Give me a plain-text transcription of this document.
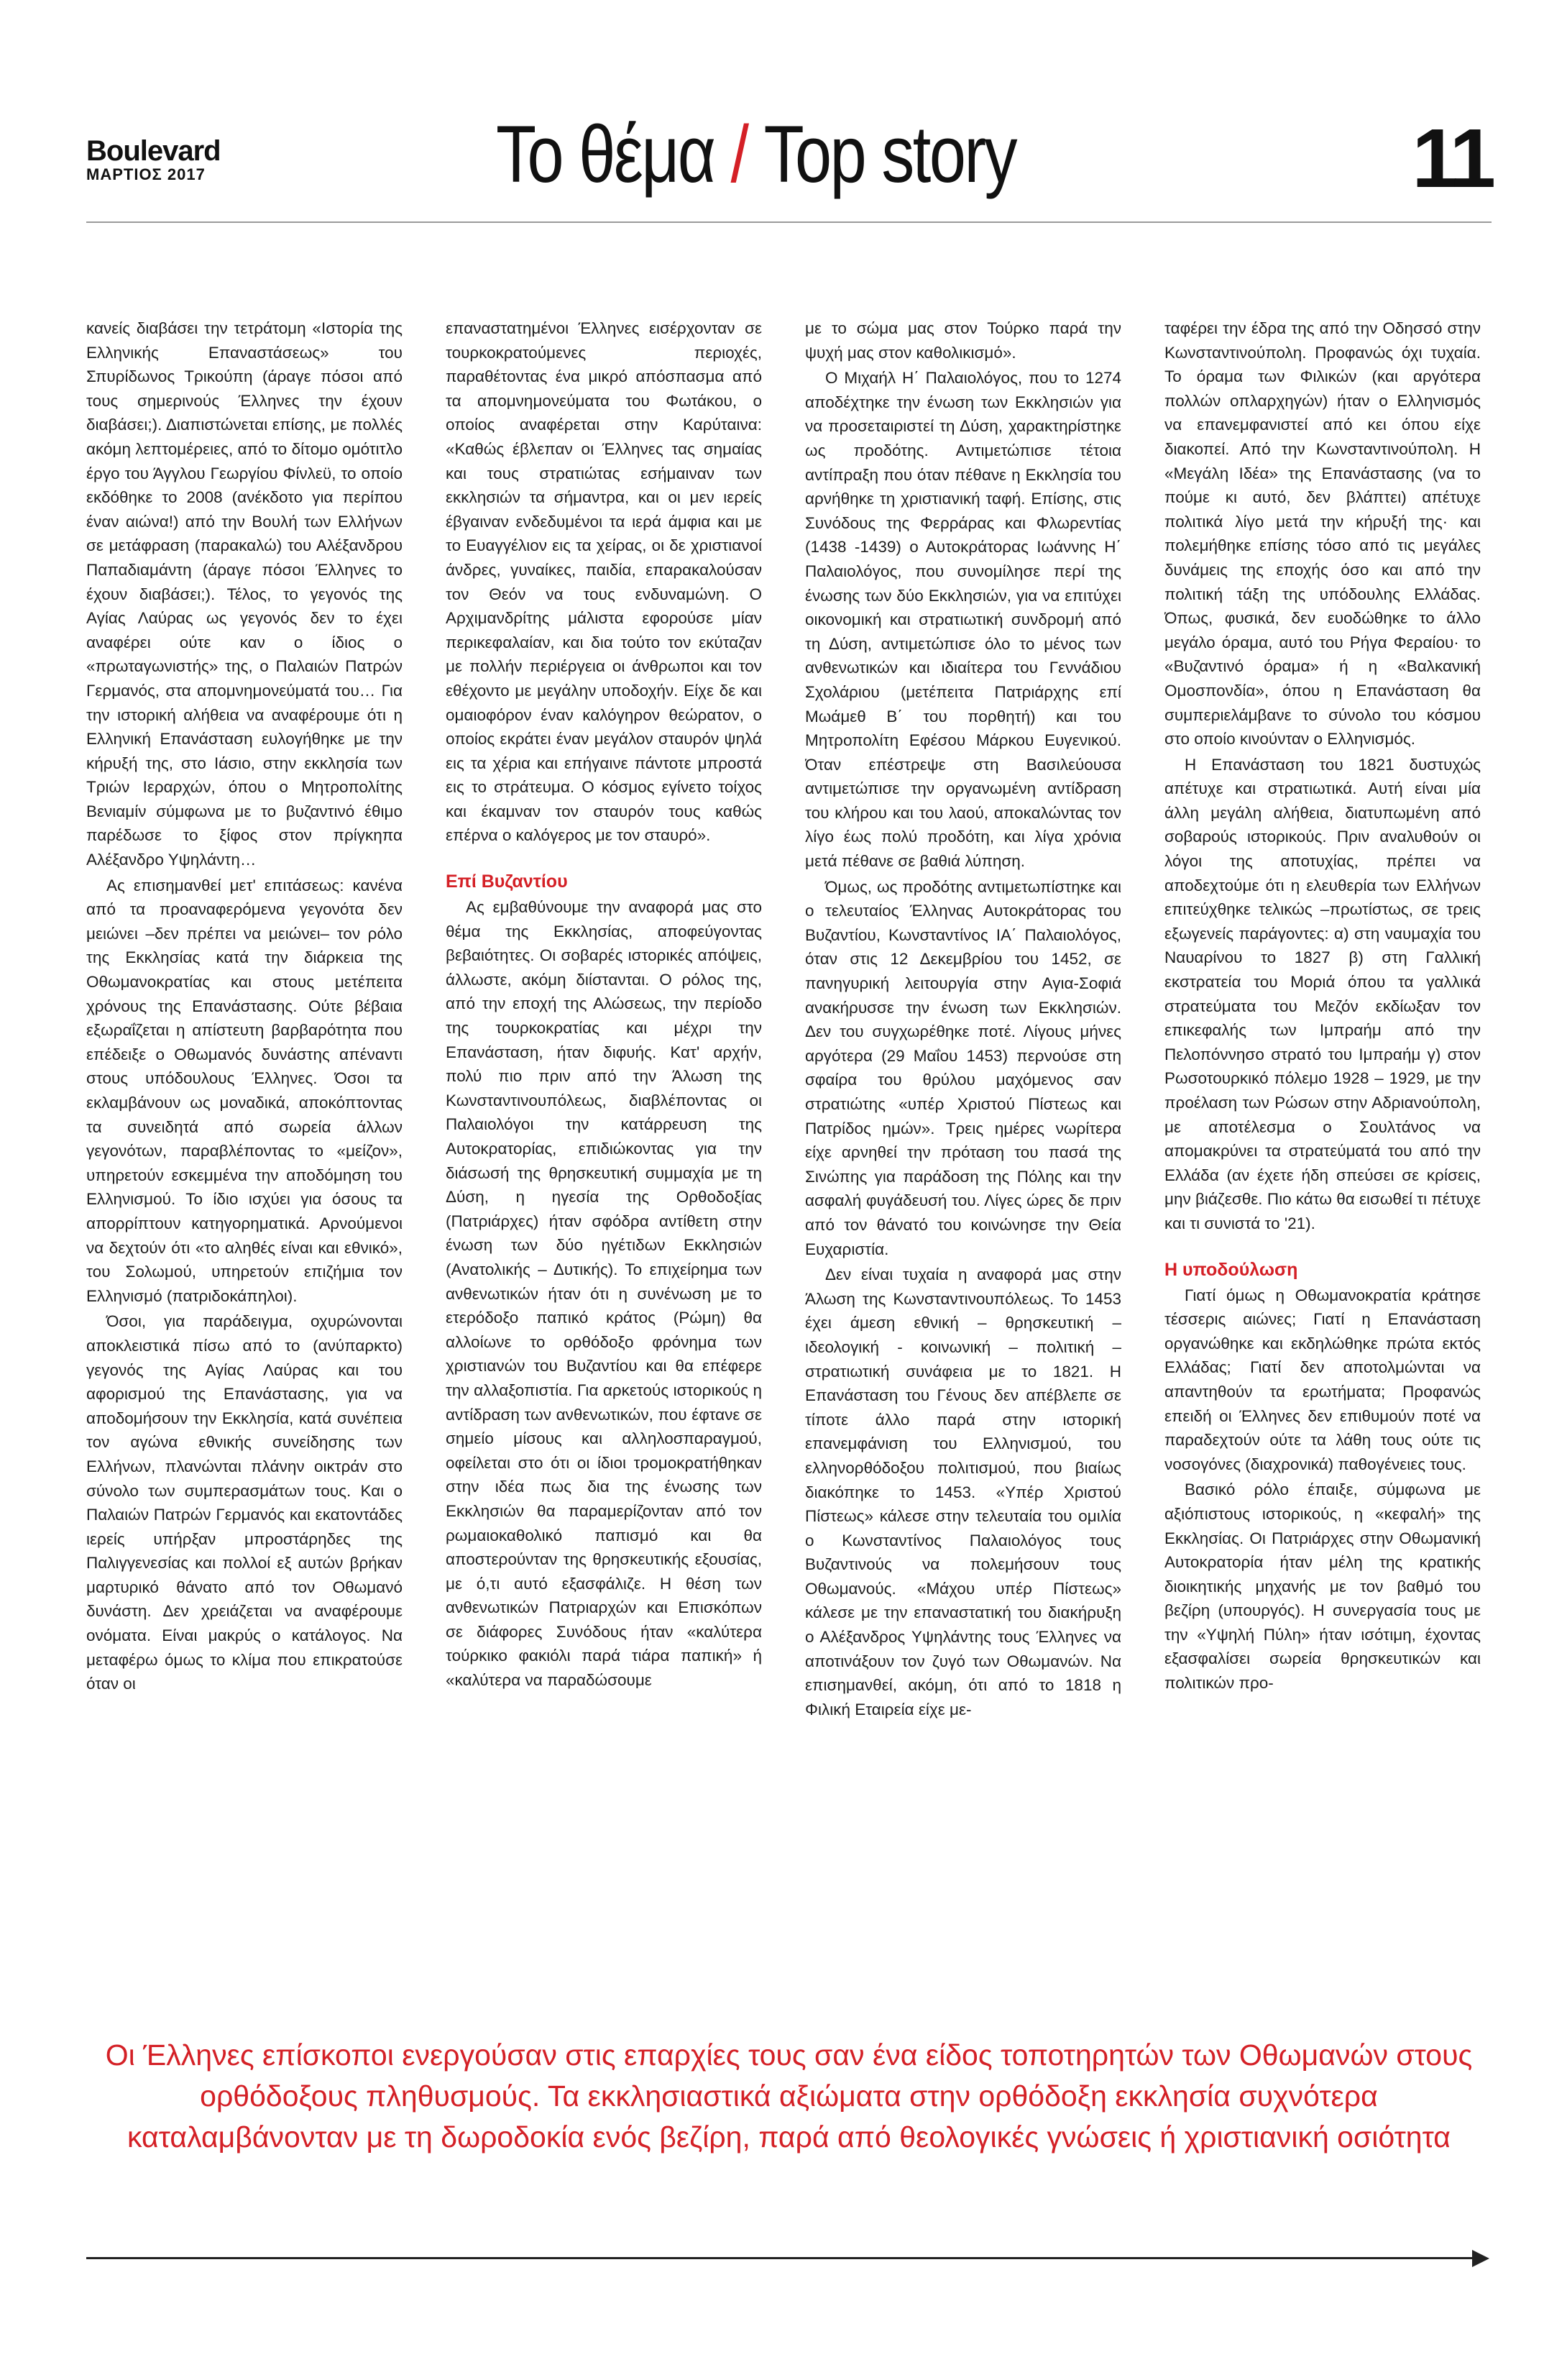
Boulevard
ΜΑΡΤΙΟΣ 2017	Το θέμα / Top story	11

κανείς διαβάσει την τετράτομη «Ιστορία της Ελληνικής Επαναστάσεως» του Σπυρίδωνος Τρικούπη (άραγε πόσοι από τους σημερινούς Έλληνες την έχουν διαβάσει;). Διαπιστώνεται επίσης, με πολλές ακόμη λεπτομέρειες, από το δίτομο ομότιτλο έργο του Άγγλου Γεωργίου Φίνλεϋ, το οποίο εκδόθηκε το 2008 (ανέκδοτο για περίπου έναν αιώνα!) από την Βουλή των Ελλήνων σε μετάφραση (παρακαλώ) του Αλέξανδρου Παπαδιαμάντη (άραγε πόσοι Έλληνες το έχουν διαβάσει;). Τέλος, το γεγονός της Αγίας Λαύρας ως γεγονός δεν το έχει αναφέρει ούτε καν ο ίδιος ο «πρωταγωνιστής» της, ο Παλαιών Πατρών Γερμανός, στα απομνημονεύματά του… Για την ιστορική αλήθεια να αναφέρουμε ότι η Ελληνική Επανάσταση ευλογήθηκε με την κήρυξή της, στο Ιάσιο, στην εκκλησία των Τριών Ιεραρχών, όπου ο Μητροπολίτης Βενιαμίν σύμφωνα με το βυζαντινό έθιμο παρέδωσε το ξίφος στον πρίγκηπα Αλέξανδρο Υψηλάντη…

Ας επισημανθεί μετ' επιτάσεως: κανένα από τα προαναφερόμενα γεγονότα δεν μειώνει –δεν πρέπει να μειώνει– τον ρόλο της Εκκλησίας κατά την διάρκεια της Οθωμανοκρατίας και στους μετέπειτα χρόνους της Επανάστασης. Ούτε βέβαια εξωραΐζεται η απίστευτη βαρβαρότητα που επέδειξε ο Οθωμανός δυνάστης απέναντι στους υπόδουλους Έλληνες. Όσοι τα εκλαμβάνουν ως μοναδικά, αποκόπτοντας τα συνειδητά από σωρεία άλλων γεγονότων, παραβλέποντας το «μείζον», υπηρετούν εσκεμμένα την αποδόμηση του Ελληνισμού. Το ίδιο ισχύει για όσους τα απορρίπτουν κατηγορηματικά. Αρνούμενοι να δεχτούν ότι «το αληθές είναι και εθνικό», του Σολωμού, υπηρετούν επιζήμια τον Ελληνισμό (πατριδοκάπηλοι).

Όσοι, για παράδειγμα, οχυρώνονται αποκλειστικά πίσω από το (ανύπαρκτο) γεγονός της Αγίας Λαύρας και του αφορισμού της Επανάστασης, για να αποδομήσουν την Εκκλησία, κατά συνέπεια τον αγώνα εθνικής συνείδησης των Ελλήνων, πλανώνται πλάνην οικτράν στο σύνολο των συμπερασμάτων τους. Και ο Παλαιών Πατρών Γερμανός και εκατοντάδες ιερείς υπήρξαν μπροστάρηδες της Παλιγγενεσίας και πολλοί εξ αυτών βρήκαν μαρτυρικό θάνατο από τον Οθωμανό δυνάστη. Δεν χρειάζεται να αναφέρουμε ονόματα. Είναι μακρύς ο κατάλογος. Να μεταφέρω όμως το κλίμα που επικρατούσε όταν οι

επαναστατημένοι Έλληνες εισέρχονταν σε τουρκοκρατούμενες περιοχές, παραθέτοντας ένα μικρό απόσπασμα από τα απομνημονεύματα του Φωτάκου, ο οποίος αναφέρεται στην Καρύταινα: «Καθώς έβλεπαν οι Έλληνες τας σημαίας και τους στρατιώτας εσήμαιναν των εκκλησιών τα σήμαντρα, και οι μεν ιερείς έβγαιναν ενδεδυμένοι τα ιερά άμφια και με το Ευαγγέλιον εις τα χείρας, οι δε χριστιανοί άνδρες, γυναίκες, παιδία, επαρακαλούσαν τον Θεόν να τους ενδυναμώνη. Ο Αρχιμανδρίτης μάλιστα εφορούσε μίαν περικεφαλαίαν, και δια τούτο τον εκύταζαν με πολλήν περιέργεια οι άνθρωποι και τον εθέχοντο με μεγάλην υποδοχήν. Είχε δε και ομαιοφόρον έναν καλόγηρον θεώρατον, ο οποίος εκράτει έναν μεγάλον σταυρόν ψηλά εις τα χέρια και επήγαινε πάντοτε μπροστά εις το στράτευμα. Ο κόσμος εγίνετο τοίχος και έκαμναν τον σταυρόν τους καθώς επέρνα ο καλόγερος με τον σταυρό».

Επί Βυζαντίου

Ας εμβαθύνουμε την αναφορά μας στο θέμα της Εκκλησίας, αποφεύγοντας βεβαιότητες. Οι σοβαρές ιστορικές απόψεις, άλλωστε, ακόμη διίστανται. Ο ρόλος της, από την εποχή της Αλώσεως, την περίοδο της τουρκοκρατίας και μέχρι την Επανάσταση, ήταν διφυής. Κατ' αρχήν, πολύ πιο πριν από την Άλωση της Κωνσταντινουπόλεως, διαβλέποντας οι Παλαιολόγοι την κατάρρευση της Αυτοκρατορίας, επιδιώκοντας για την διάσωσή της θρησκευτική συμμαχία με τη Δύση, η ηγεσία της Ορθοδοξίας (Πατριάρχες) ήταν σφόδρα αντίθετη στην ένωση των δύο ηγέτιδων Εκκλησιών (Ανατολικής – Δυτικής). Το επιχείρημα των ανθενωτικών ήταν ότι η συνένωση με το ετερόδοξο παπικό κράτος (Ρώμη) θα αλλοίωνε το ορθόδοξο φρόνημα των χριστιανών του Βυζαντίου και θα επέφερε την αλλαξοπιστία. Για αρκετούς ιστορικούς η αντίδραση των ανθενωτικών, που έφτανε σε σημείο μίσους και αλληλοσπαραγμού, οφείλεται στο ότι οι ίδιοι τρομοκρατήθηκαν στην ιδέα πως δια της ένωσης των Εκκλησιών θα παραμερίζονταν από τον ρωμαιοκαθολικό παπισμό και θα αποστερούνταν της θρησκευτικής εξουσίας, με ό,τι αυτό εξασφάλιζε. Η θέση των ανθενωτικών Πατριαρχών και Επισκόπων σε διάφορες Συνόδους ήταν «καλύτερα τούρκικο φακιόλι παρά τιάρα παπική» ή «καλύτερα να παραδώσουμε

με το σώμα μας στον Τούρκο παρά την ψυχή μας στον καθολικισμό».

Ο Μιχαήλ Η΄ Παλαιολόγος, που το 1274 αποδέχτηκε την ένωση των Εκκλησιών για να προσεταιριστεί τη Δύση, χαρακτηρίστηκε ως προδότης. Αντιμετώπισε τέτοια αντίπραξη που όταν πέθανε η Εκκλησία του αρνήθηκε τη χριστιανική ταφή. Επίσης, στις Συνόδους της Φερράρας και Φλωρεντίας (1438 -1439) ο Αυτοκράτορας Ιωάννης Η΄ Παλαιολόγος, που συνομίλησε περί της ένωσης των δύο Εκκλησιών, για να επιτύχει οικονομική και στρατιωτική συνδρομή από τη Δύση, αντιμετώπισε όλο το μένος των ανθενωτικών και ιδιαίτερα του Γεννάδιου Σχολάριου (μετέπειτα Πατριάρχης επί Μωάμεθ Β΄ του πορθητή) και του Μητροπολίτη Εφέσου Μάρκου Ευγενικού. Όταν επέστρεψε στη Βασιλεύουσα αντιμετώπισε την οργανωμένη αντίδραση του κλήρου και του λαού, αποκαλώντας τον λίγο έως πολύ προδότη, και λίγα χρόνια μετά πέθανε σε βαθιά λύπηση.

Όμως, ως προδότης αντιμετωπίστηκε και ο τελευταίος Έλληνας Αυτοκράτορας του Βυζαντίου, Κωνσταντίνος ΙΑ΄ Παλαιολόγος, όταν στις 12 Δεκεμβρίου του 1452, σε πανηγυρική λειτουργία στην Αγια-Σοφιά ανακήρυσσε την ένωση των Εκκλησιών. Δεν του συγχωρέθηκε ποτέ. Λίγους μήνες αργότερα (29 Μαΐου 1453) περνούσε στη σφαίρα του θρύλου μαχόμενος σαν στρατιώτης «υπέρ Χριστού Πίστεως και Πατρίδος ημών». Τρεις ημέρες νωρίτερα είχε αρνηθεί την πρόταση του πασά της Σινώπης για παράδοση της Πόλης και την ασφαλή φυγάδευσή του. Λίγες ώρες δε πριν από τον θάνατό του κοινώνησε την Θεία Ευχαριστία.

Δεν είναι τυχαία η αναφορά μας στην Άλωση της Κωνσταντινουπόλεως. Το 1453 έχει άμεση εθνική – θρησκευτική – ιδεολογική - κοινωνική – πολιτική – στρατιωτική συνάφεια με το 1821. Η Επανάσταση του Γένους δεν απέβλεπε σε τίποτε άλλο παρά στην ιστορική επανεμφάνιση του Ελληνισμού, του ελληνορθόδοξου πολιτισμού, που βιαίως διακόπηκε το 1453. «Υπέρ Χριστού Πίστεως» κάλεσε στην τελευταία του ομιλία ο Κωνσταντίνος Παλαιολόγος τους Βυζαντινούς να πολεμήσουν τους Οθωμανούς. «Μάχου υπέρ Πίστεως» κάλεσε με την επαναστατική του διακήρυξη ο Αλέξανδρος Υψηλάντης τους Έλληνες να αποτινάξουν τον ζυγό των Οθωμανών. Να επισημανθεί, ακόμη, ότι από το 1818 η Φιλική Εταιρεία είχε με-

ταφέρει την έδρα της από την Οδησσό στην Κωνσταντινούπολη. Προφανώς όχι τυχαία. Το όραμα των Φιλικών (και αργότερα πολλών οπλαρχηγών) ήταν ο Ελληνισμός να επανεμφανιστεί από κει όπου είχε διακοπεί. Από την Κωνσταντινούπολη. Η «Μεγάλη Ιδέα» της Επανάστασης (να το πούμε κι αυτό, δεν βλάπτει) απέτυχε πολιτικά λίγο μετά την κήρυξή της· και πολεμήθηκε επίσης τόσο από τις μεγάλες δυνάμεις της εποχής όσο και από την πολιτική τάξη της υπόδουλης Ελλάδας. Όπως, φυσικά, δεν ευοδώθηκε το άλλο μεγάλο όραμα, αυτό του Ρήγα Φεραίου· το «Βυζαντινό όραμα» ή η «Βαλκανική Ομοσπονδία», όπου η Επανάσταση θα συμπεριελάμβανε το σύνολο του κόσμου στο οποίο κινούνταν ο Ελληνισμός.

Η Επανάσταση του 1821 δυστυχώς απέτυχε και στρατιωτικά. Αυτή είναι μία άλλη μεγάλη αλήθεια, διατυπωμένη από σοβαρούς ιστορικούς. Πριν αναλυθούν οι λόγοι της αποτυχίας, πρέπει να αποδεχτούμε ότι η ελευθερία των Ελλήνων επιτεύχθηκε τελικώς –πρωτίστως, σε τρεις εξωγενείς παράγοντες: α) στη ναυμαχία του Ναυαρίνου το 1827 β) στη Γαλλική εκστρατεία του Μοριά όπου τα γαλλικά στρατεύματα του Μεζόν εκδίωξαν τον επικεφαλής των Ιμπραήμ από την Πελοπόννησο στρατό του Ιμπραήμ γ) στον Ρωσοτουρκικό πόλεμο 1928 – 1929, με την προέλαση των Ρώσων στην Αδριανούπολη, με αποτέλεσμα ο Σουλτάνος να απομακρύνει τα στρατεύματά του από την Ελλάδα (αν έχετε ήδη σπεύσει σε κρίσεις, μην βιάζεσθε. Πιο κάτω θα εισωθεί τι πέτυχε και τι συνιστά το '21).

Η υποδούλωση

Γιατί όμως η Οθωμανοκρατία κράτησε τέσσερις αιώνες; Γιατί η Επανάσταση οργανώθηκε και εκδηλώθηκε πρώτα εκτός Ελλάδας; Γιατί δεν αποτολμώνται να απαντηθούν τα ερωτήματα; Προφανώς επειδή οι Έλληνες δεν επιθυμούν ποτέ να παραδεχτούν ούτε τα λάθη τους ούτε τις νοσογόνες (διαχρονικά) παθογένειες τους.

Βασικό ρόλο έπαιξε, σύμφωνα με αξιόπιστους ιστορικούς, η «κεφαλή» της Εκκλησίας. Οι Πατριάρχες στην Οθωμανική Αυτοκρατορία ήταν μέλη της κρατικής διοικητικής μηχανής με τον βαθμό του βεζίρη (υπουργός). Η συνεργασία τους με την «Υψηλή Πύλη» ήταν ισότιμη, έχοντας εξασφαλίσει σωρεία θρησκευτικών και πολιτικών προ-

Οι Έλληνες επίσκοποι ενεργούσαν στις επαρχίες τους σαν ένα είδος τοποτηρητών των Οθωμανών στους ορθόδοξους πληθυσμούς. Τα εκκλησιαστικά αξιώματα στην ορθόδοξη εκκλησία συχνότερα καταλαμβάνονταν με τη δωροδοκία ενός βεζίρη, παρά από θεολογικές γνώσεις ή χριστιανική οσιότητα
